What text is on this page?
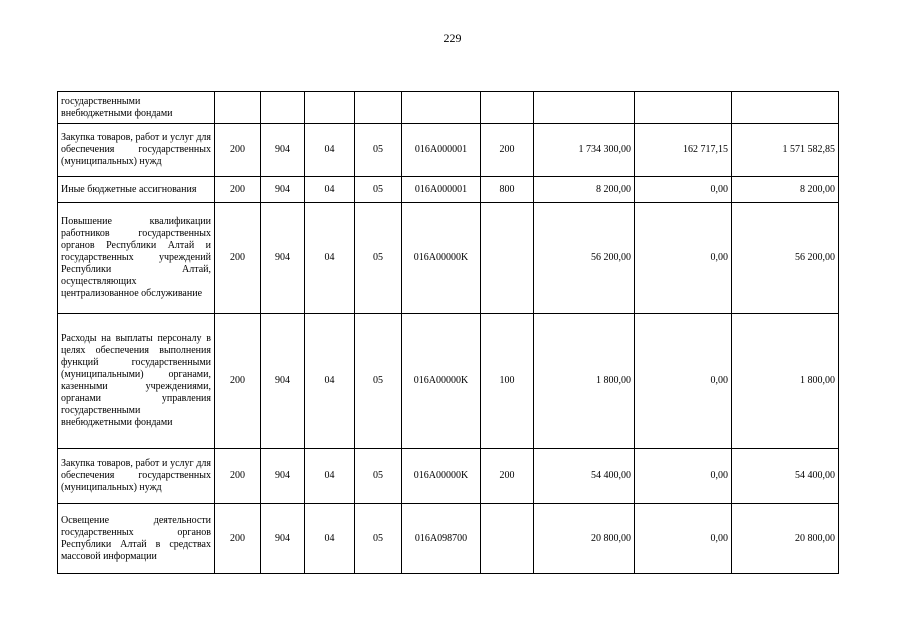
229
государственными внебюджетными фондами									
Закупка товаров, работ и услуг для обеспечения государственных (муниципальных) нужд	200	904	04	05	016A000001	200	1 734 300,00	162 717,15	1 571 582,85
Иные бюджетные ассигнования	200	904	04	05	016A000001	800	8 200,00	0,00	8 200,00
Повышение квалификации работников государственных органов Республики Алтай и государственных учреждений Республики Алтай, осуществляющих централизованное обслуживание	200	904	04	05	016A00000K		56 200,00	0,00	56 200,00
Расходы на выплаты персоналу в целях обеспечения выполнения функций государственными (муниципальными) органами, казенными учреждениями, органами управления государственными внебюджетными фондами	200	904	04	05	016A00000K	100	1 800,00	0,00	1 800,00
Закупка товаров, работ и услуг для обеспечения государственных (муниципальных) нужд	200	904	04	05	016A00000K	200	54 400,00	0,00	54 400,00
Освещение деятельности государственных органов Республики Алтай в средствах массовой информации	200	904	04	05	016A098700		20 800,00	0,00	20 800,00
